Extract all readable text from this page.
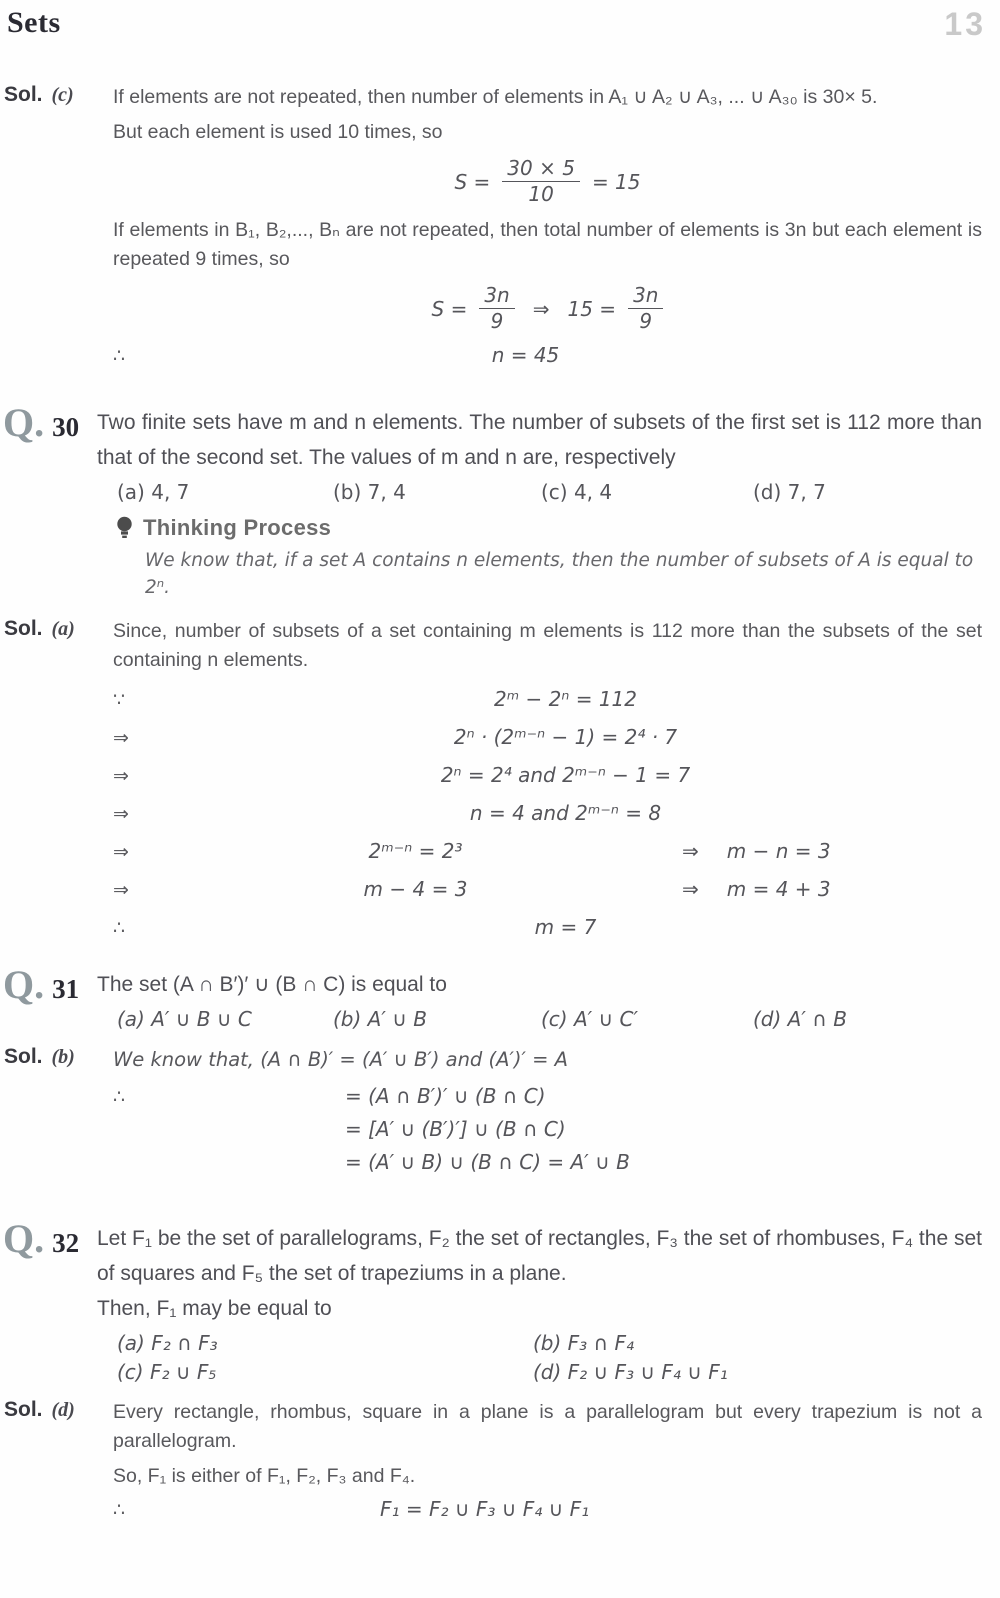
Sets	13
Sol. (c) If elements are not repeated, then number of elements in A₁ ∪ A₂ ∪ A₃, ... ∪ A₃₀ is 30× 5.

But each element is used 10 times, so

$S = \frac{30 \times 5}{10} = 15$

If elements in B₁, B₂,..., Bₙ are not repeated, then total number of elements is 3n but each element is repeated 9 times, so

$S = \frac{3n}{9}$ ⇒ $15 = \frac{3n}{9}$
∴	n = 45
Q. 30 Two finite sets have m and n elements. The number of subsets of the first set is 112 more than that of the second set. The values of m and n are, respectively

(a) 4, 7	(b) 7, 4	(c) 4, 4	(d) 7, 7
Thinking Process

We know that, if a set A contains n elements, then the number of subsets of A is equal to 2ⁿ.

Sol. (a) Since, number of subsets of a set containing m elements is 112 more than the subsets of the set containing n elements.

∵	2ᵐ − 2ⁿ = 112
⇒	2ⁿ · (2ᵐ⁻ⁿ − 1) = 2⁴ · 7
⇒	2ⁿ = 2⁴ and 2ᵐ⁻ⁿ − 1 = 7
⇒	n = 4 and 2ᵐ⁻ⁿ = 8
⇒	2ᵐ⁻ⁿ = 2³	⇒ m − n = 3
⇒	m − 4 = 3	⇒ m = 4 + 3
∴	m = 7
Q. 31 The set (A ∩ B′)′ ∪ (B ∩ C) is equal to

(a) A′ ∪ B ∪ C	(b) A′ ∪ B	(c) A′ ∪ C′	(d) A′ ∩ B
Sol. (b) We know that, (A ∩ B)′ = (A′ ∪ B′) and (A′)′ = A

∴	= (A ∩ B′)′ ∪ (B ∩ C)
= [A′ ∪ (B′)′] ∪ (B ∩ C)
= (A′ ∪ B) ∪ (B ∩ C) = A′ ∪ B
Q. 32 Let F₁ be the set of parallelograms, F₂ the set of rectangles, F₃ the set of rhombuses, F₄ the set of squares and F₅ the set of trapeziums in a plane.

Then, F₁ may be equal to

(a) F₂ ∩ F₃	(b) F₃ ∩ F₄
(c) F₂ ∪ F₅	(d) F₂ ∪ F₃ ∪ F₄ ∪ F₁
Sol. (d) Every rectangle, rhombus, square in a plane is a parallelogram but every trapezium is not a parallelogram.

So, F₁ is either of F₁, F₂, F₃ and F₄.

∴	F₁ = F₂ ∪ F₃ ∪ F₄ ∪ F₁
